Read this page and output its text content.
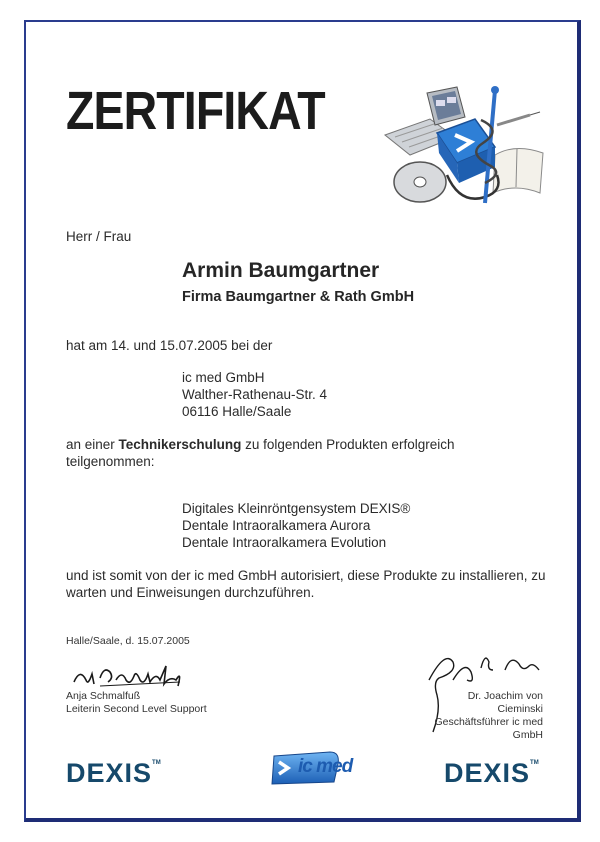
ZERTIFIKAT
Herr / Frau
Armin Baumgartner
Firma Baumgartner & Rath GmbH
hat am 14. und 15.07.2005 bei der
ic med GmbH
Walther-Rathenau-Str. 4
06116 Halle/Saale
an einer Technikerschulung zu folgenden Produkten erfolgreich
teilgenommen:
Digitales Kleinröntgensystem DEXIS®
Dentale Intraoralkamera Aurora
Dentale Intraoralkamera Evolution
und ist somit von der ic med GmbH autorisiert, diese Produkte zu installieren, zu
warten und Einweisungen durchzuführen.
Halle/Saale, d. 15.07.2005
Anja Schmalfuß
Leiterin Second Level Support
Dr. Joachim von Cieminski
Geschäftsführer ic med GmbH
DEXIS™	ic med	DEXIS™
